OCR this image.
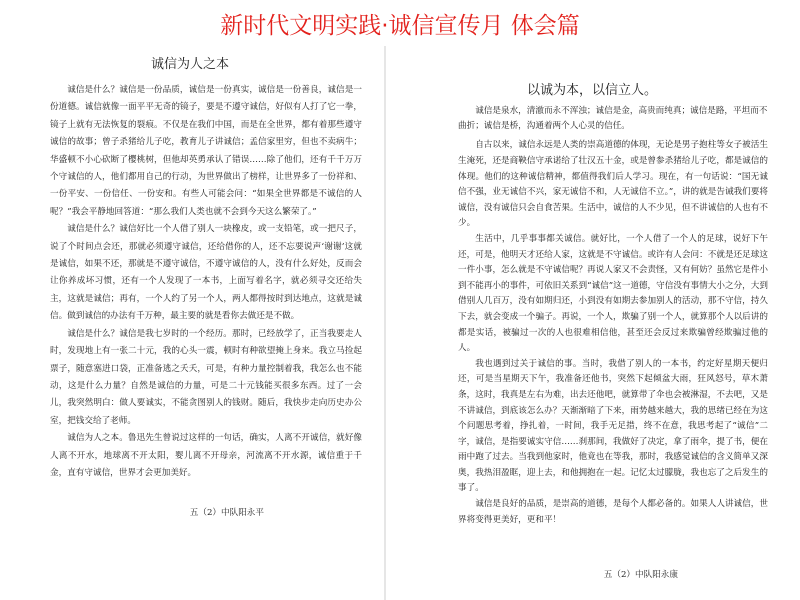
新时代文明实践·诚信宣传月 体会篇
诚信为人之本

诚信是什么？诚信是一份品质，诚信是一份真实，诚信是一份善良，诚信是一份道德。诚信就像一面平平无奇的镜子，要是不遵守诚信，好似有人打了它一拳，镜子上就有无法恢复的裂痕。不仅是在我们中国，而是在全世界，都有着那些遵守诚信的故事；曾子杀猪给儿子吃，教育儿子讲诚信；孟信家里穷，但也不卖病牛；华盛顿不小心砍断了樱桃树，但他却英勇承认了错误……除了他们，还有千千万万个守诚信的人，他们都用自己的行动，为世界做出了榜样，让世界多了一份祥和、一份平安、一份信任、一份安和。有些人可能会问：“如果全世界都是不诚信的人呢？”我会平静地回答道：“那么我们人类也就不会到今天这么繁荣了。”

诚信是什么？诚信好比一个人借了别人一块橡皮，或一支铅笔，或一把尺子，说了个时间点会还，那就必须遵守诚信，还给借你的人，还不忘要说声‘谢谢’这就是诚信，如果不还，那就是不遵守诚信，不遵守诚信的人，没有什么好处，反而会让你养成坏习惯，还有一个人发现了一本书，上面写着名字，就必须寻交还给失主，这就是诚信；再有，一个人约了另一个人，两人都得按时到达地点，这就是诚信。做到诚信的办法有千万种，最主要的就是看你去做还是不做。

诚信是什么？诚信是我七岁时的一个经历。那时，已经放学了，正当我要走人时，发现地上有一张二十元，我的心头一震，顿时有种欲望掩上身来。我立马捡起票子，随意塞进口袋，正准备逃之夭夭，可是，有种力量控制着我，我怎么也不能动，这是什么力量？自然是诚信的力量，可是二十元钱能买很多东西。过了一会儿，我突然明白：做人要诚实，不能贪图别人的钱财。随后，我快步走向历史办公室，把钱交给了老师。

诚信为人之本。鲁迅先生曾说过这样的一句话，确实，人离不开诚信，就好像人离不开水，地球离不开太阳，婴儿离不开母亲，河流离不开水源，诚信重于千金，直有守诚信，世界才会更加美好。

五（2）中队阳永平
以诚为本，以信立人。

诚信是泉水，清澈而永不浑浊；诚信是金，高贵而纯真；诚信是路，平坦而不曲折；诚信是桥，沟通着两个人心灵的信任。

自古以来，诚信永远是人类的崇高道德的体现，无论是男子抱柱等女子被活生生淹死，还是商鞅信守承诺给了壮汉五十金，或是曾参杀猪给儿子吃，都是诚信的体现。他们的这种诚信精神，都值得我们后人学习。现在，有一句话说：“国无诚信不强，业无诚信不兴，家无诚信不和，人无诚信不立。”，讲的就是告诫我们要将诚信，没有诚信只会自食苦果。生活中，诚信的人不少见，但不讲诚信的人也有不少。

生活中，几乎事事都关诚信。就好比，一个人借了一个人的足球，说好下午还，可是，他明天才还给人家，这就是不守诚信。或许有人会问：不就是还足球这一件小事，怎么就是不守诚信呢？再说人家又不会责怪，又有何妨？虽然它是件小到不能再小的事件，可依旧关系到“诚信”这一道德，守信没有事情大小之分，大到借别人几百万，没有如期归还，小到没有如期去参加别人的活动，那不守信，持久下去，就会变成一个骗子。再说，一个人，欺骗了别一个人，就算那个人以后讲的都是实话，被骗过一次的人也很难相信他，甚至还会反过来欺骗曾经欺骗过他的人。

我也遇到过关于诚信的事。当时，我借了别人的一本书，约定好星期天便归还，可是当星期天下午，我准备还他书，突然下起倾盆大雨，狂风怒号，草木萧条，这时，我真是左右为难，出去还他吧，就算带了伞也会被淋湿，不去吧，又是不讲诚信，到底该怎么办？天渐渐暗了下来，雨势越来越大，我的思绪已经在为这个问题思考着，挣扎着，一时间，我手无足措，终不在意，我思考起了“诚信”二字，诚信，是指要诚实守信……刹那间，我做好了决定，拿了雨伞，提了书，便在雨中跑了过去。当我到他家时，他竟也在等我，那时，我感觉诚信的含义简单又深奥，我热泪盈眶，迎上去，和他拥抱在一起。记忆太过朦胧，我也忘了之后发生的事了。

诚信是良好的品质，是崇高的道德，是每个人都必备的。如果人人讲诚信，世界将变得更美好，更和平！

五（2）中队阳永康
